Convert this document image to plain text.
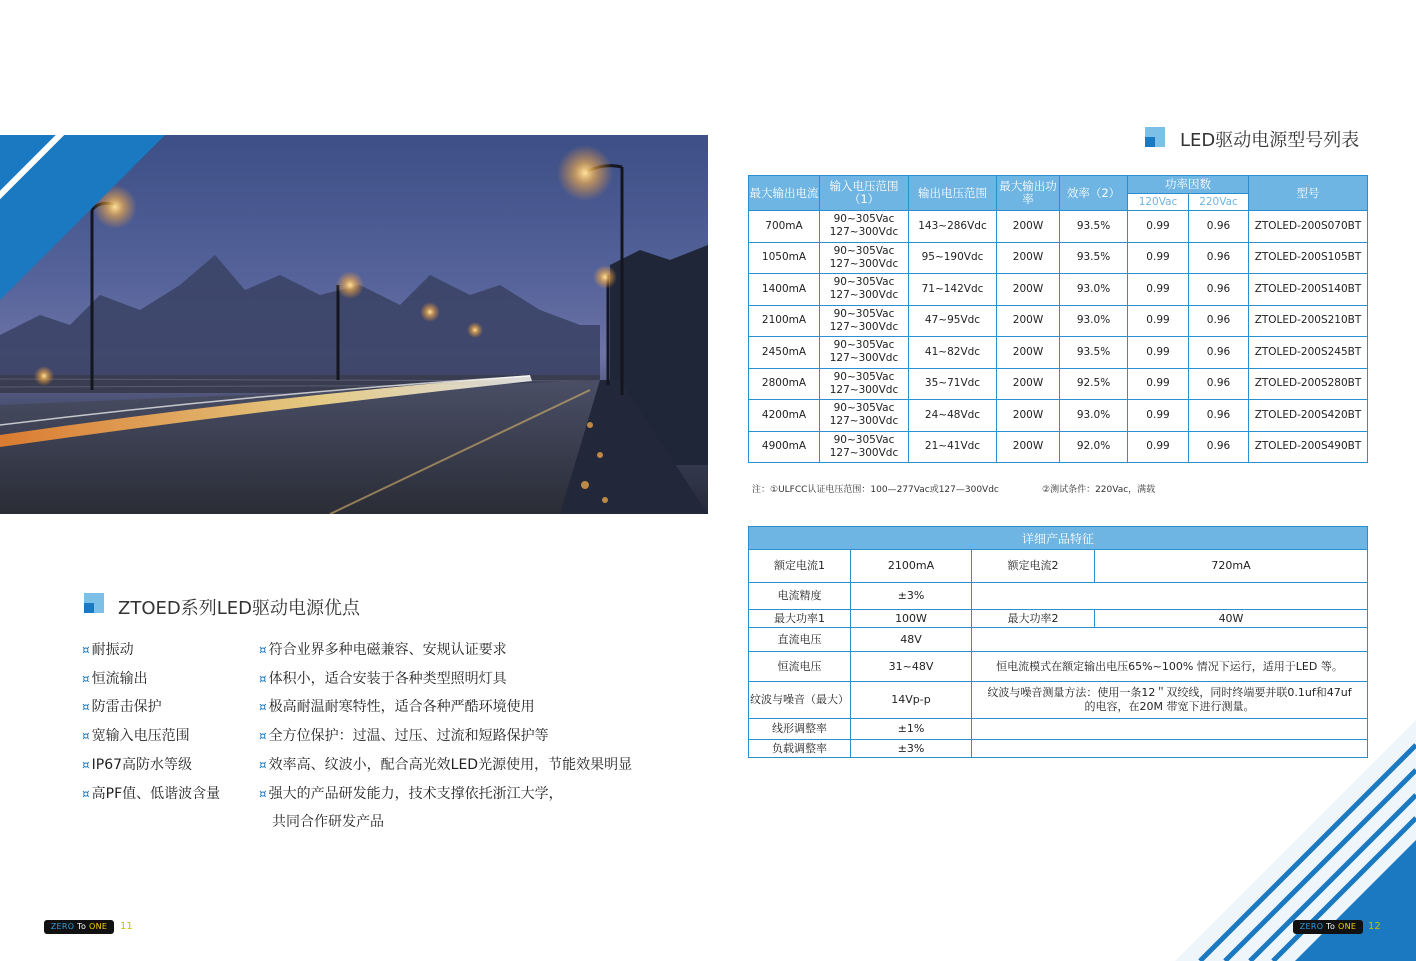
ZTOED系列LED驱动电源优点
¤ 耐振动
¤ 恒流输出
¤ 防雷击保护
¤ 宽输入电压范围
¤ IP67高防水等级
¤ 高PF值、低谐波含量
¤ 符合业界多种电磁兼容、安规认证要求
¤ 体积小，适合安装于各种类型照明灯具
¤ 极高耐温耐寒特性，适合各种严酷环境使用
¤ 全方位保护：过温、过压、过流和短路保护等
¤ 效率高、纹波小，配合高光效LED光源使用，节能效果明显
¤ 强大的产品研发能力，技术支撑依托浙江大学，
共同合作研发产品
ZERO To ONE	11
LED驱动电源型号列表
最大输出电流	输入电压范围（1）	输出电压范围	最大输出功率	效率（2）	功率因数		型号
					120Vac	220Vac	
700mA	90~305Vac
127~300Vdc	143~286Vdc	200W	93.5%	0.99	0.96	ZTOLED-200S070BT
1050mA	90~305Vac
127~300Vdc	95~190Vdc	200W	93.5%	0.99	0.96	ZTOLED-200S105BT
1400mA	90~305Vac
127~300Vdc	71~142Vdc	200W	93.0%	0.99	0.96	ZTOLED-200S140BT
2100mA	90~305Vac
127~300Vdc	47~95Vdc	200W	93.0%	0.99	0.96	ZTOLED-200S210BT
2450mA	90~305Vac
127~300Vdc	41~82Vdc	200W	93.5%	0.99	0.96	ZTOLED-200S245BT
2800mA	90~305Vac
127~300Vdc	35~71Vdc	200W	92.5%	0.99	0.96	ZTOLED-200S280BT
4200mA	90~305Vac
127~300Vdc	24~48Vdc	200W	93.0%	0.99	0.96	ZTOLED-200S420BT
4900mA	90~305Vac
127~300Vdc	21~41Vdc	200W	92.0%	0.99	0.96	ZTOLED-200S490BT
注：①ULFCC认证电压范围：100—277Vac或127—300Vdc	②测试条件：220Vac，满载
详细产品特征			
额定电流1	2100mA	额定电流2	720mA
电流精度	±3%		
最大功率1	100W	最大功率2	40W
直流电压	48V		
恒流电压	31~48V	恒电流模式在额定输出电压65%~100% 情况下运行，适用于LED 等。	
纹波与噪音（最大）	14Vp-p	纹波与噪音测量方法：使用一条12＂双绞线，同时终端要并联0.1uf和47uf 的电容，在20M 带宽下进行测量。	
线形调整率	±1%		
负载调整率	±3%		
ZERO To ONE	12
